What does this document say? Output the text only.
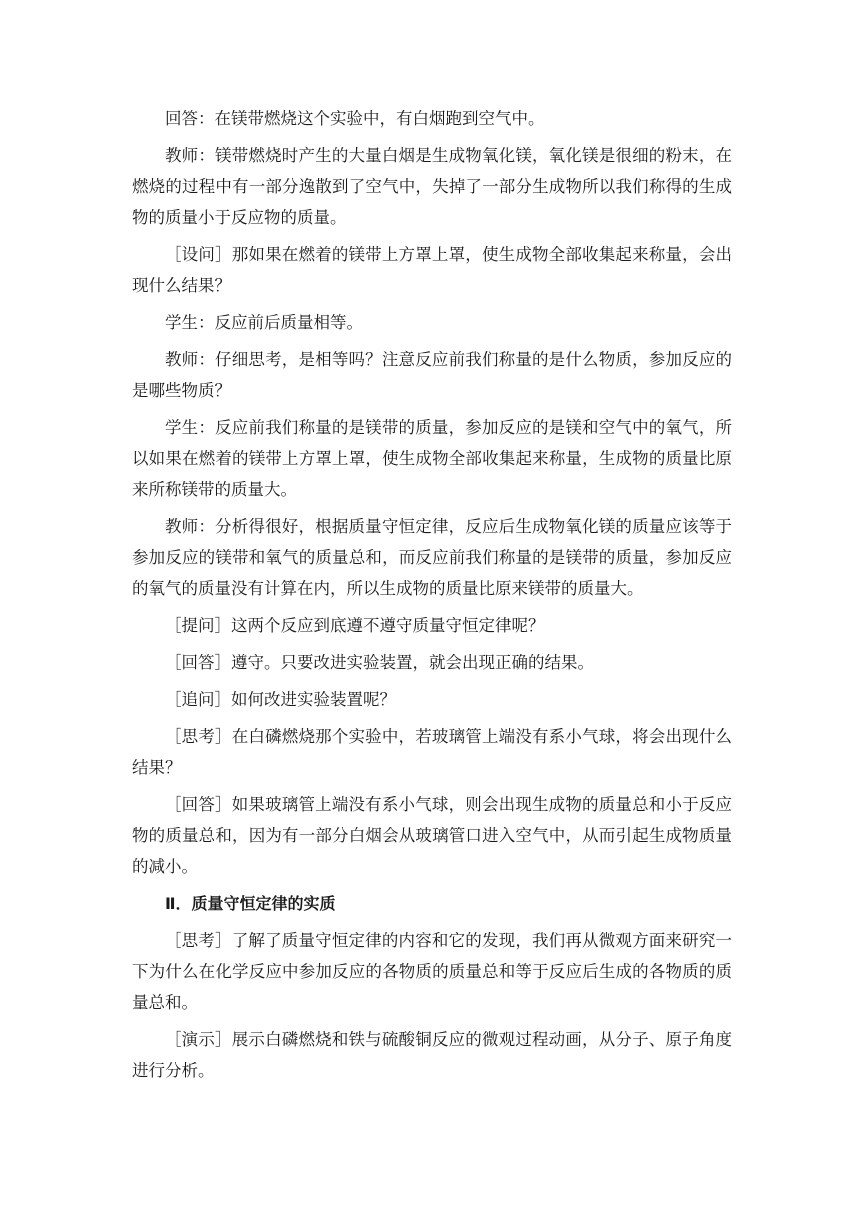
回答：在镁带燃烧这个实验中，有白烟跑到空气中。

教师：镁带燃烧时产生的大量白烟是生成物氧化镁，氧化镁是很细的粉末，在燃烧的过程中有一部分逸散到了空气中，失掉了一部分生成物所以我们称得的生成物的质量小于反应物的质量。

［设问］那如果在燃着的镁带上方罩上罩，使生成物全部收集起来称量，会出现什么结果？

学生：反应前后质量相等。

教师：仔细思考，是相等吗？注意反应前我们称量的是什么物质，参加反应的是哪些物质？

学生：反应前我们称量的是镁带的质量，参加反应的是镁和空气中的氧气，所以如果在燃着的镁带上方罩上罩，使生成物全部收集起来称量，生成物的质量比原来所称镁带的质量大。

教师：分析得很好，根据质量守恒定律，反应后生成物氧化镁的质量应该等于参加反应的镁带和氧气的质量总和，而反应前我们称量的是镁带的质量，参加反应的氧气的质量没有计算在内，所以生成物的质量比原来镁带的质量大。

［提问］这两个反应到底遵不遵守质量守恒定律呢？

［回答］遵守。只要改进实验装置，就会出现正确的结果。

［追问］如何改进实验装置呢？

［思考］在白磷燃烧那个实验中，若玻璃管上端没有系小气球，将会出现什么结果？

［回答］如果玻璃管上端没有系小气球，则会出现生成物的质量总和小于反应物的质量总和，因为有一部分白烟会从玻璃管口进入空气中，从而引起生成物质量的减小。

Ⅱ．质量守恒定律的实质

［思考］了解了质量守恒定律的内容和它的发现，我们再从微观方面来研究一下为什么在化学反应中参加反应的各物质的质量总和等于反应后生成的各物质的质量总和。

［演示］展示白磷燃烧和铁与硫酸铜反应的微观过程动画，从分子、原子角度进行分析。
